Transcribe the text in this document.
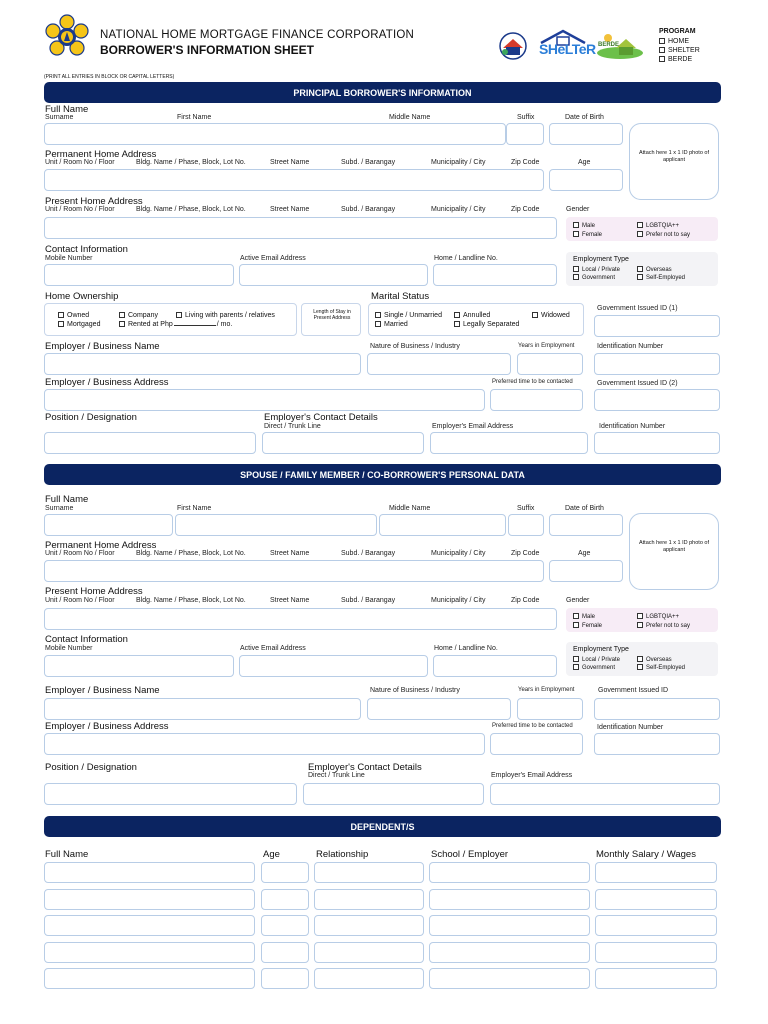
NATIONAL HOME MORTGAGE FINANCE CORPORATION
BORROWER'S INFORMATION SHEET	SHeLTeR BERDE
PROGRAM
HOME
SHELTER
BERDE
(PRINT ALL ENTRIES IN BLOCK OR CAPITAL LETTERS)
PRINCIPAL BORROWER'S INFORMATION
Full Name
Surname	First Name	Middle Name	Suffix	Date of Birth
Attach here 1 x 1 ID photo of applicant
Permanent Home Address
Unit / Room No / Floor	Bldg. Name / Phase, Block, Lot No.	Street Name	Subd. / Barangay	Municipality / City	Zip Code	Age
Present Home Address
Unit / Room No / Floor	Bldg. Name / Phase, Block, Lot No.	Street Name	Subd. / Barangay	Municipality / City	Zip Code	Gender
Male
Female
LGBTQIA++
Prefer not to say
Contact Information
Mobile Number	Active Email Address	Home / Landline No.	Employment Type
Local / Private
Government
Overseas
Self-Employed
Home Ownership
Owned
Mortgaged
Company
Rented at Php	/ mo.
Living with parents / relatives	Length of Stay in Present Address
Marital Status
Single / Unmarried
Married
Annulled
Legally Separated
Widowed
Government Issued ID (1)
Employer / Business Name	Nature of Business / Industry	Years in Employment	Identification Number
Employer / Business Address	Preferred time to be contacted	Government Issued ID (2)
Position / Designation	Employer's Contact Details
Direct / Trunk Line	Employer's Email Address	Identification Number
SPOUSE / FAMILY MEMBER / CO-BORROWER'S PERSONAL DATA
Full Name
Surname	First Name	Middle Name	Suffix	Date of Birth
Attach here 1 x 1 ID photo of applicant
Permanent Home Address
Unit / Room No / Floor	Bldg. Name / Phase, Block, Lot No.	Street Name	Subd. / Barangay	Municipality / City	Zip Code	Age
Present Home Address
Unit / Room No / Floor	Bldg. Name / Phase, Block, Lot No.	Street Name	Subd. / Barangay	Municipality / City	Zip Code	Gender
Male
Female
LGBTQIA++
Prefer not to say
Contact Information
Mobile Number	Active Email Address	Home / Landline No.	Employment Type
Local / Private
Government
Overseas
Self-Employed
Employer / Business Name	Nature of Business / Industry	Years in Employment	Government Issued ID
Employer / Business Address	Preferred time to be contacted	Identification Number
Position / Designation	Employer's Contact Details
Direct / Trunk Line	Employer's Email Address
DEPENDENT/S
Full Name	Age	Relationship	School / Employer	Monthly Salary / Wages
